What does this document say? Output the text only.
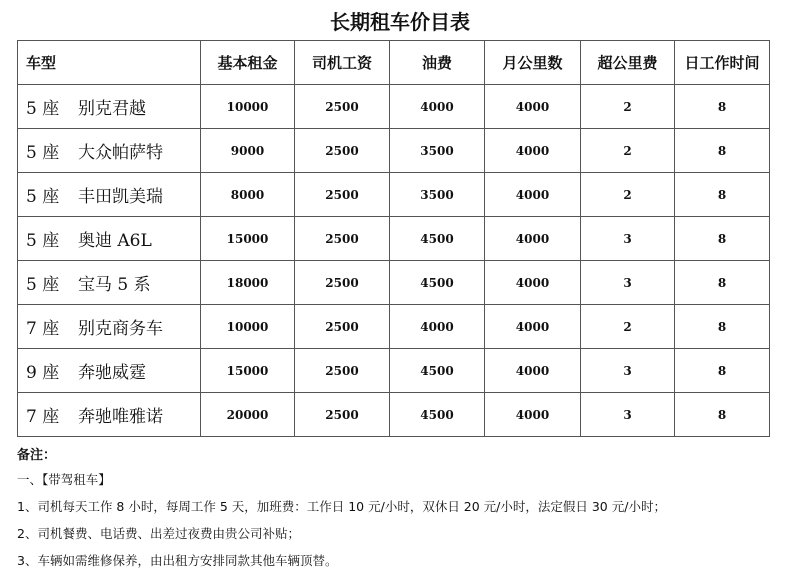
长期租车价目表
车型	基本租金	司机工资	油费	月公里数	超公里费	日工作时间
5 座 别克君越	10000	2500	4000	4000	2	8
5 座 大众帕萨特	9000	2500	3500	4000	2	8
5 座 丰田凯美瑞	8000	2500	3500	4000	2	8
5 座 奥迪 A6L	15000	2500	4500	4000	3	8
5 座 宝马 5 系	18000	2500	4500	4000	3	8
7 座 别克商务车	10000	2500	4000	4000	2	8
9 座 奔驰威霆	15000	2500	4500	4000	3	8
7 座 奔驰唯雅诺	20000	2500	4500	4000	3	8
备注：
一、【带驾租车】
1、司机每天工作 8 小时，每周工作 5 天，加班费：工作日 10 元/小时，双休日 20 元/小时，法定假日 30 元/小时；
2、司机餐费、电话费、出差过夜费由贵公司补贴；
3、车辆如需维修保养，由出租方安排同款其他车辆顶替。
